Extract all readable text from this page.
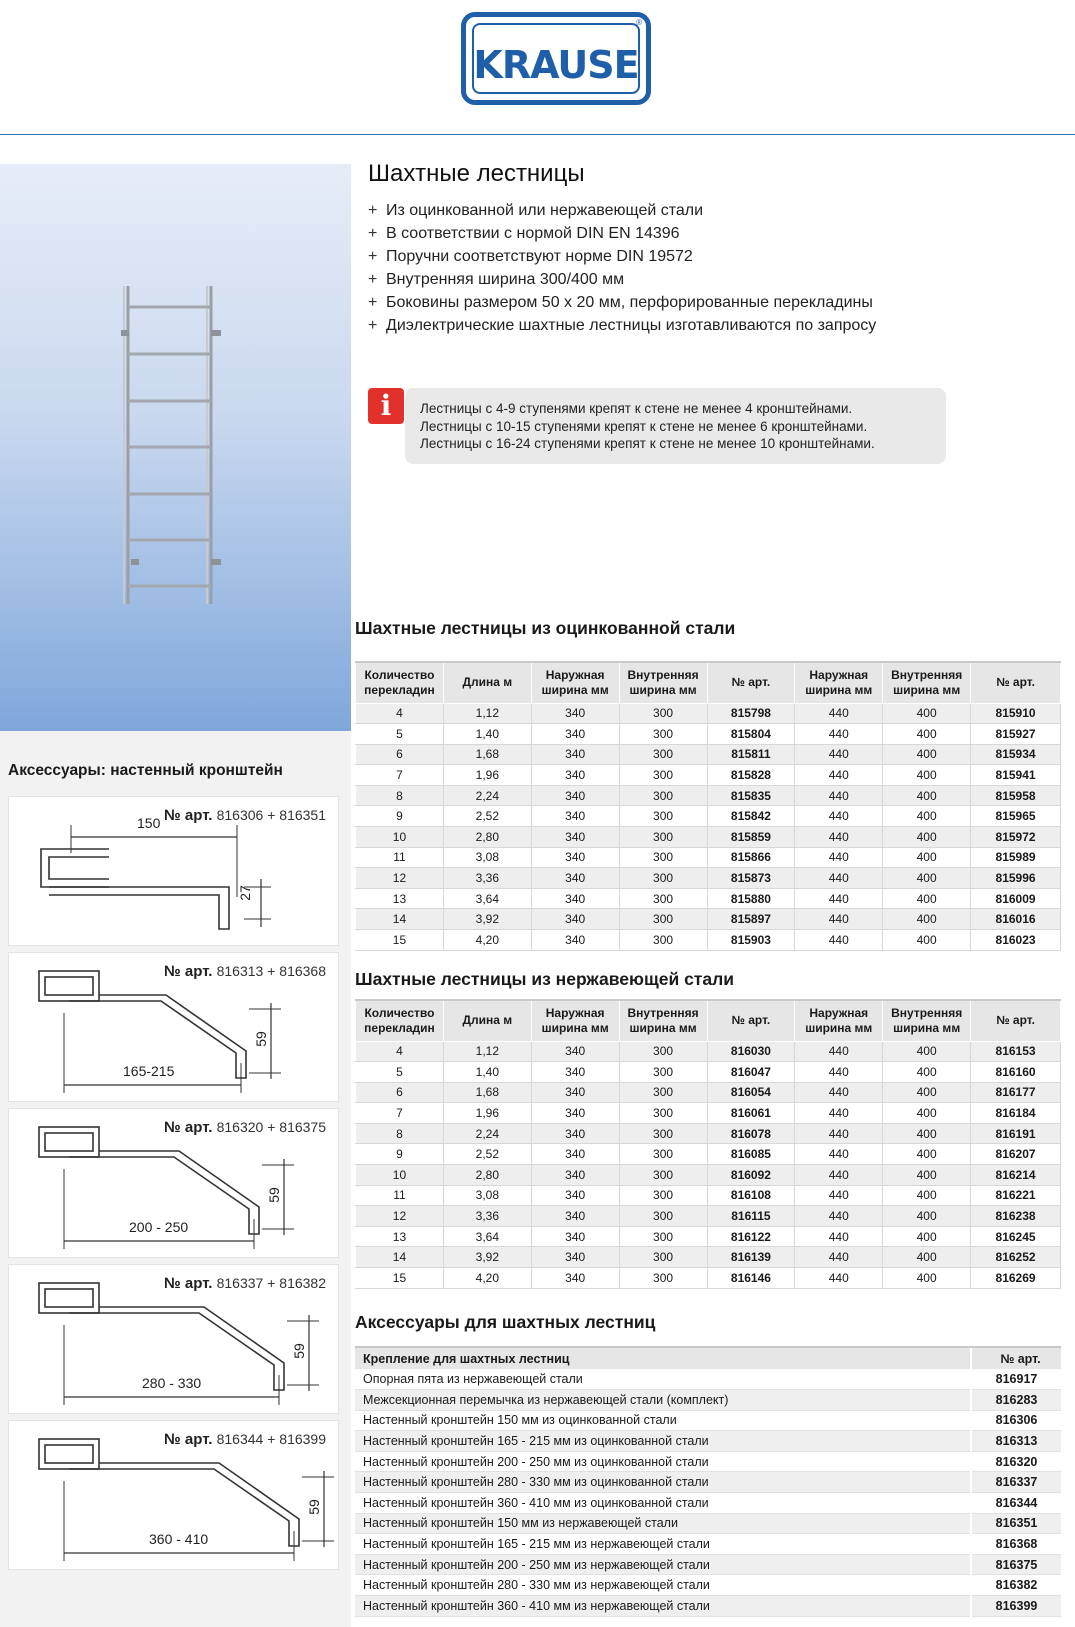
KRAUSE
®
Шахтные лестницы
+ Из оцинкованной или нержавеющей стали
+ В соответствии с нормой DIN EN 14396
+ Поручни соответствуют норме DIN 19572
+ Внутренняя ширина 300/400 мм
+ Боковины размером 50 x 20 мм, перфорированные перекладины
+ Диэлектрические шахтные лестницы изготавливаются по запросу
i	Лестницы с 4-9 ступенями крепят к стене не менее 4 кронштейнами.

Лестницы с 10-15 ступенями крепят к стене не менее 6 кронштейнами.

Лестницы с 16-24 ступенями крепят к стене не менее 10 кронштейнами.

Аксессуары: настенный кронштейн
№ арт. 816306 + 816351
150
27
№ арт. 816313 + 816368
165-215
59
№ арт. 816320 + 816375
200 - 250
59
№ арт. 816337 + 816382
280 - 330
59
№ арт. 816344 + 816399
360 - 410
59
Шахтные лестницы из оцинкованной стали
Количество перекладин	Длина м	Наружная ширина мм	Внутренняя ширина мм	№ арт.	Наружная ширина мм	Внутренняя ширина мм	№ арт.
4	1,12	340	300	815798	440	400	815910
5	1,40	340	300	815804	440	400	815927
6	1,68	340	300	815811	440	400	815934
7	1,96	340	300	815828	440	400	815941
8	2,24	340	300	815835	440	400	815958
9	2,52	340	300	815842	440	400	815965
10	2,80	340	300	815859	440	400	815972
11	3,08	340	300	815866	440	400	815989
12	3,36	340	300	815873	440	400	815996
13	3,64	340	300	815880	440	400	816009
14	3,92	340	300	815897	440	400	816016
15	4,20	340	300	815903	440	400	816023
Шахтные лестницы из нержавеющей стали
Количество перекладин	Длина м	Наружная ширина мм	Внутренняя ширина мм	№ арт.	Наружная ширина мм	Внутренняя ширина мм	№ арт.
4	1,12	340	300	816030	440	400	816153
5	1,40	340	300	816047	440	400	816160
6	1,68	340	300	816054	440	400	816177
7	1,96	340	300	816061	440	400	816184
8	2,24	340	300	816078	440	400	816191
9	2,52	340	300	816085	440	400	816207
10	2,80	340	300	816092	440	400	816214
11	3,08	340	300	816108	440	400	816221
12	3,36	340	300	816115	440	400	816238
13	3,64	340	300	816122	440	400	816245
14	3,92	340	300	816139	440	400	816252
15	4,20	340	300	816146	440	400	816269
Аксессуары для шахтных лестниц
Крепление для шахтных лестниц	№ арт.
Опорная пята из нержавеющей стали	816917
Межсекционная перемычка из нержавеющей стали (комплект)	816283
Настенный кронштейн 150 мм из оцинкованной стали	816306
Настенный кронштейн 165 - 215 мм из оцинкованной стали	816313
Настенный кронштейн 200 - 250 мм из оцинкованной стали	816320
Настенный кронштейн 280 - 330 мм из оцинкованной стали	816337
Настенный кронштейн 360 - 410 мм из оцинкованной стали	816344
Настенный кронштейн 150 мм из нержавеющей стали	816351
Настенный кронштейн 165 - 215 мм из нержавеющей стали	816368
Настенный кронштейн 200 - 250 мм из нержавеющей стали	816375
Настенный кронштейн 280 - 330 мм из нержавеющей стали	816382
Настенный кронштейн 360 - 410 мм из нержавеющей стали	816399
